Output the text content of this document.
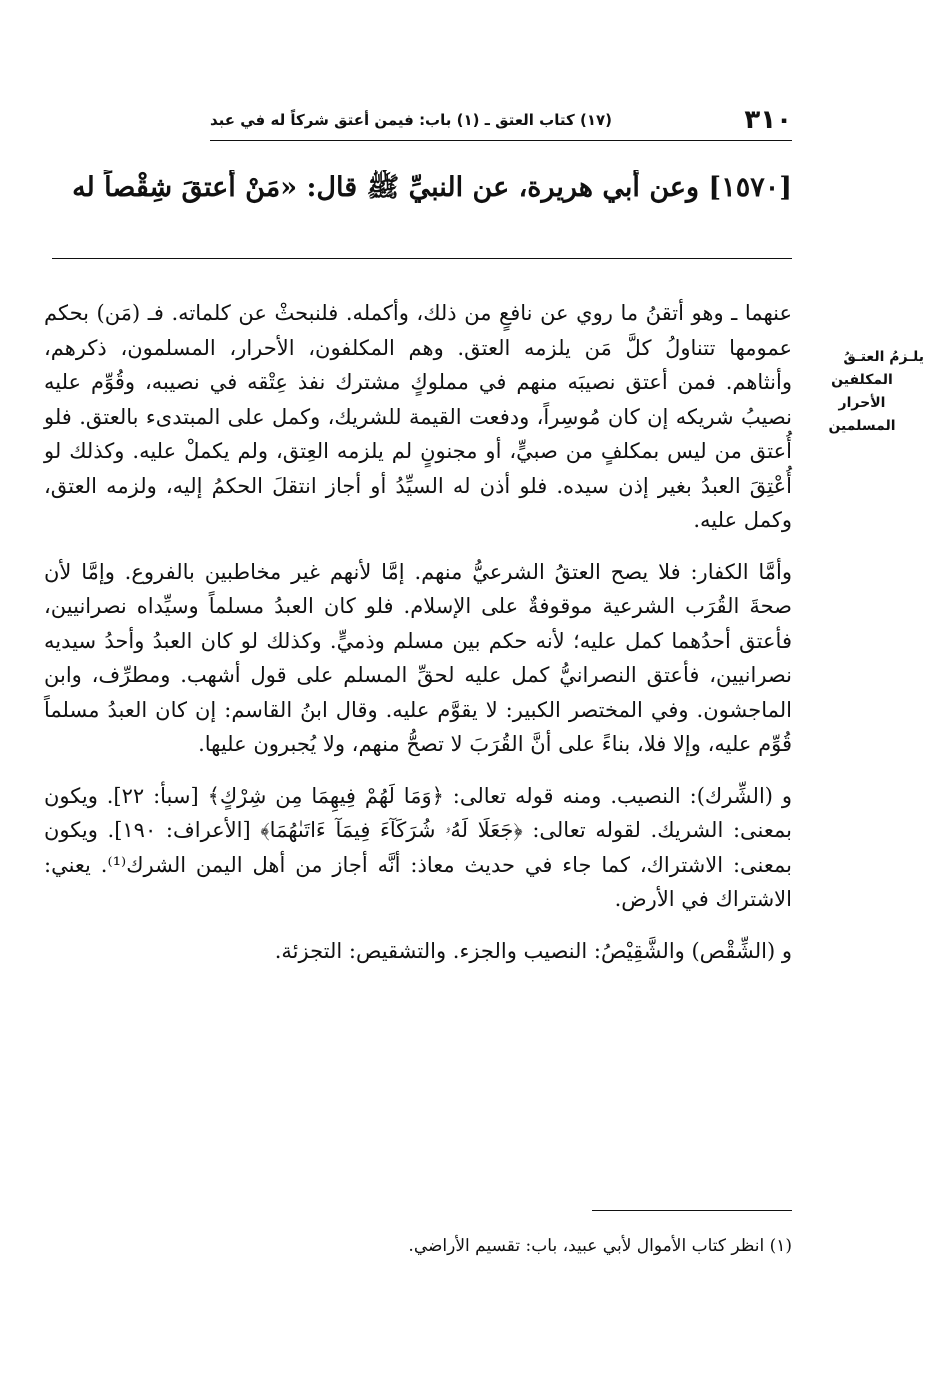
٣١٠
(١٧) كتاب العتق ـ (١) باب: فيمن أعتق شركاً له في عبد
[١٥٧٠] وعن أبي هريرة، عن النبيِّ ﷺ قال: «مَنْ أعتقَ شِقْصاً له
يلـزمُ العتـقُ
المكلفين
الأحرار
المسلمين

عنهما ـ وهو أتقنُ ما روي عن نافعٍ من ذلك، وأكمله. فلنبحثْ عن كلماته. فـ (مَن) بحكم عمومها تتناولُ كلَّ مَن يلزمه العتق. وهم المكلفون، الأحرار، المسلمون، ذكرهم، وأنثاهم. فمن أعتق نصيبَه منهم في مملوكٍ مشترك نفذ عِتْقه في نصيبه، وقُوِّم عليه نصيبُ شريكه إن كان مُوسِراً، ودفعت القيمة للشريك، وكمل على المبتدىء بالعتق. فلو أُعتق من ليس بمكلفٍ من صبيٍّ، أو مجنونٍ لم يلزمه العِتق، ولم يكملْ عليه. وكذلك لو أُعْتِقَ العبدُ بغير إذن سيده. فلو أذن له السيِّدُ أو أجاز انتقلَ الحكمُ إليه، ولزمه العتق، وكمل عليه.

وأمَّا الكفار: فلا يصح العتقُ الشرعيُّ منهم. إمَّا لأنهم غير مخاطبين بالفروع. وإمَّا لأن صحةَ القُرَب الشرعية موقوفةٌ على الإسلام. فلو كان العبدُ مسلماً وسيِّداه نصرانيين، فأعتق أحدُهما كمل عليه؛ لأنه حكم بين مسلم وذميٍّ. وكذلك لو كان العبدُ وأحدُ سيديه نصرانيين، فأعتق النصرانيُّ كمل عليه لحقِّ المسلم على قول أشهب. ومطرِّف، وابن الماجشون. وفي المختصر الكبير: لا يقوَّم عليه. وقال ابنُ القاسم: إن كان العبدُ مسلماً قُوِّم عليه، وإلا فلا، بناءً على أنَّ القُرَبَ لا تصحُّ منهم، ولا يُجبرون عليها.

و (الشِّرك): النصيب. ومنه قوله تعالى: ﴿وَمَا لَهُمْ فِيهِمَا مِن شِرْكٍ﴾ [سبأ: ٢٢]. ويكون بمعنى: الشريك. لقوله تعالى: ﴿جَعَلَا لَهُۥ شُرَكَآءَ فِيمَآ ءَاتَىٰهُمَا﴾ [الأعراف: ١٩٠]. ويكون بمعنى: الاشتراك، كما جاء في حديث معاذ: أنَّه أجاز من أهل اليمن الشرك⁽¹⁾. يعني: الاشتراك في الأرض.

و (الشِّقْص) والشَّقِيْصُ: النصيب والجزء. والتشقيص: التجزئة.

(١) انظر كتاب الأموال لأبي عبيد، باب: تقسيم الأراضي.
